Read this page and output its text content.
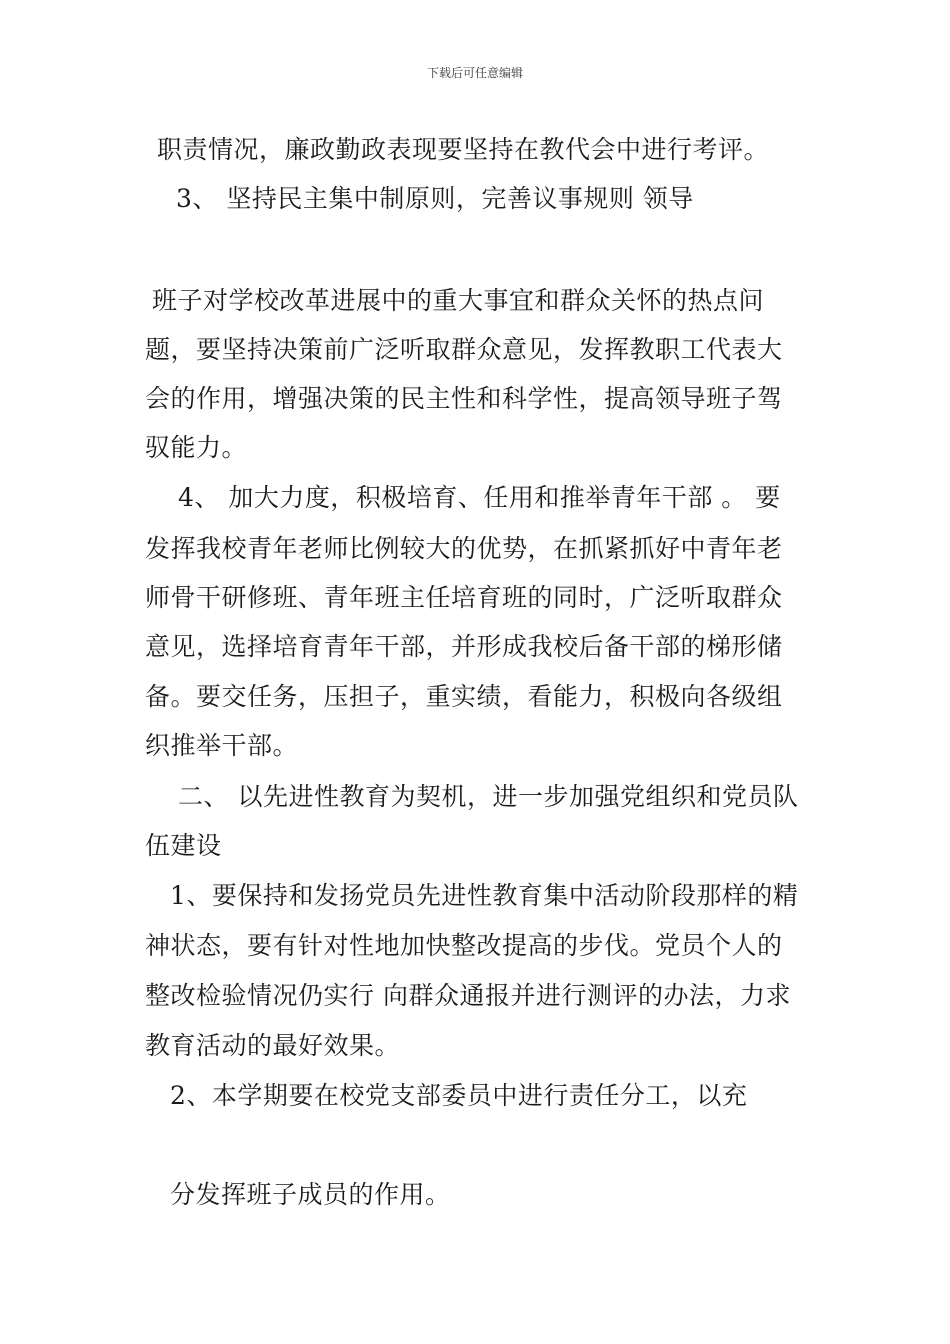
下载后可任意编辑
职责情况，廉政勤政表现要坚持在教代会中进行考评。
3、 坚持民主集中制原则，完善议事规则 领导
班子对学校改革进展中的重大事宜和群众关怀的热点问
题，要坚持决策前广泛听取群众意见，发挥教职工代表大
会的作用，增强决策的民主性和科学性，提高领导班子驾
驭能力。
4、 加大力度，积极培育、任用和推举青年干部 。 要
发挥我校青年老师比例较大的优势，在抓紧抓好中青年老
师骨干研修班、青年班主任培育班的同时，广泛听取群众
意见，选择培育青年干部，并形成我校后备干部的梯形储
备。要交任务，压担子，重实绩，看能力，积极向各级组
织推举干部。
二、 以先进性教育为契机，进一步加强党组织和党员队
伍建设
1、要保持和发扬党员先进性教育集中活动阶段那样的精
神状态，要有针对性地加快整改提高的步伐。党员个人的
整改检验情况仍实行 向群众通报并进行测评的办法，力求
教育活动的最好效果。
2、本学期要在校党支部委员中进行责任分工，以充
分发挥班子成员的作用。
